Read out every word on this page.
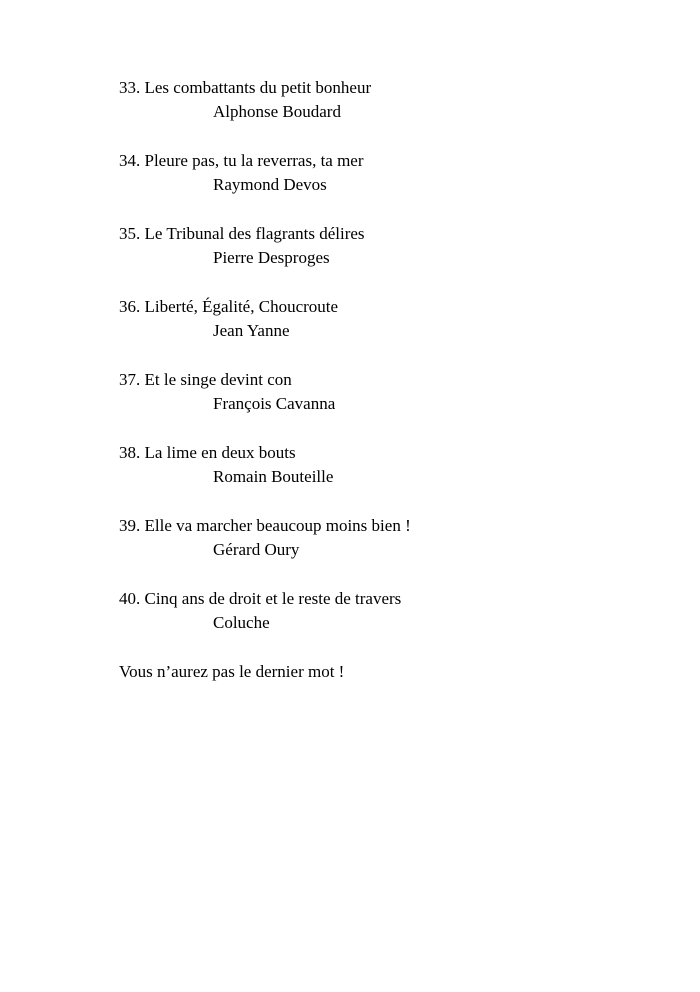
33. Les combattants du petit bonheur
Alphonse Boudard
34. Pleure pas, tu la reverras, ta mer
Raymond Devos
35. Le Tribunal des flagrants délires
Pierre Desproges
36. Liberté, Égalité, Choucroute
Jean Yanne
37. Et le singe devint con
François Cavanna
38. La lime en deux bouts
Romain Bouteille
39. Elle va marcher beaucoup moins bien !
Gérard Oury
40. Cinq ans de droit et le reste de travers
Coluche
Vous n’aurez pas le dernier mot !
